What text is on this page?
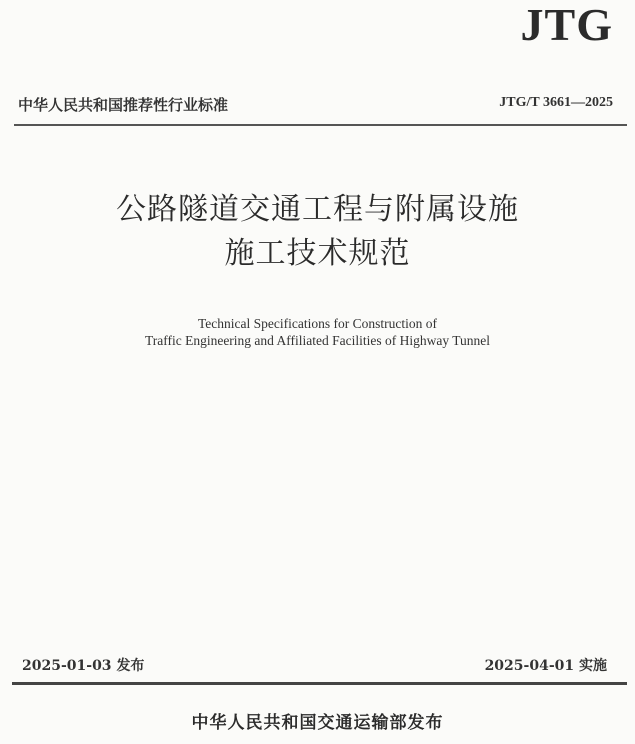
JTG
中华人民共和国推荐性行业标准	JTG/T 3661—2025
公路隧道交通工程与附属设施
施工技术规范
Technical Specifications for Construction of
Traffic Engineering and Affiliated Facilities of Highway Tunnel
2025-01-03 发布	2025-04-01 实施
中华人民共和国交通运输部发布
